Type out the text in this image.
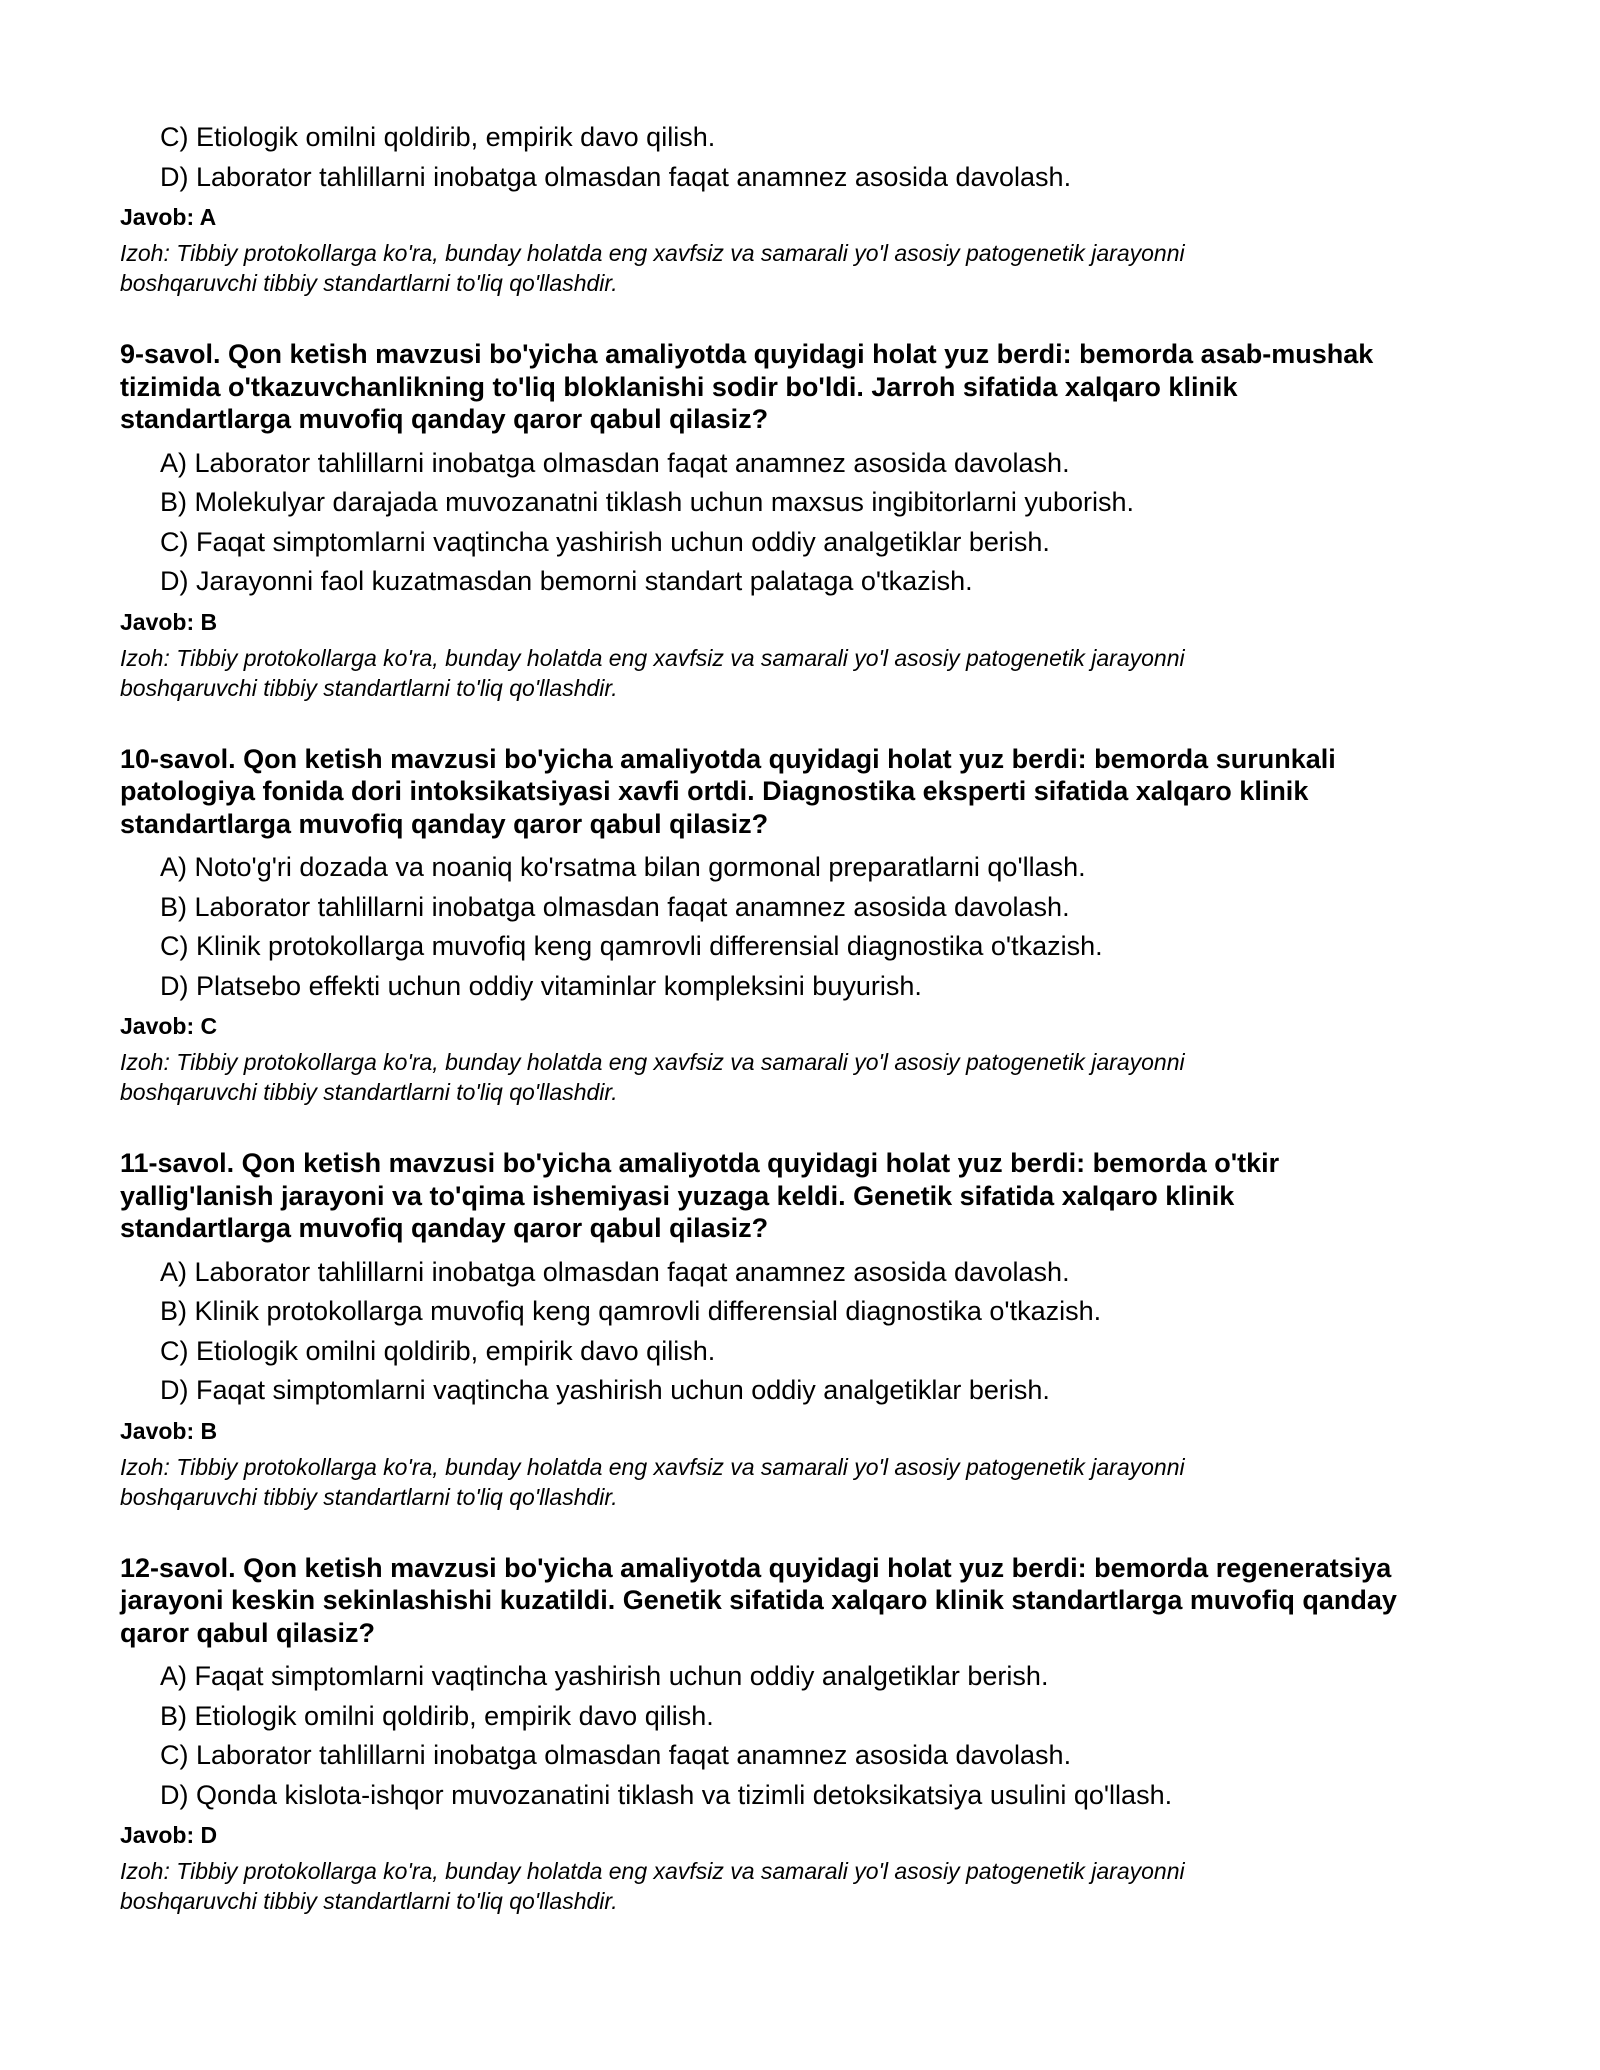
C) Etiologik omilni qoldirib, empirik davo qilish.
D) Laborator tahlillarni inobatga olmasdan faqat anamnez asosida davolash.
Javob: A
Izoh: Tibbiy protokollarga ko'ra, bunday holatda eng xavfsiz va samarali yo'l asosiy patogenetik jarayonni
boshqaruvchi tibbiy standartlarni to'liq qo'llashdir.
9-savol. Qon ketish mavzusi bo'yicha amaliyotda quyidagi holat yuz berdi: bemorda asab-mushak
tizimida o'tkazuvchanlikning to'liq bloklanishi sodir bo'ldi. Jarroh sifatida xalqaro klinik
standartlarga muvofiq qanday qaror qabul qilasiz?
A) Laborator tahlillarni inobatga olmasdan faqat anamnez asosida davolash.
B) Molekulyar darajada muvozanatni tiklash uchun maxsus ingibitorlarni yuborish.
C) Faqat simptomlarni vaqtincha yashirish uchun oddiy analgetiklar berish.
D) Jarayonni faol kuzatmasdan bemorni standart palataga o'tkazish.
Javob: B
Izoh: Tibbiy protokollarga ko'ra, bunday holatda eng xavfsiz va samarali yo'l asosiy patogenetik jarayonni
boshqaruvchi tibbiy standartlarni to'liq qo'llashdir.
10-savol. Qon ketish mavzusi bo'yicha amaliyotda quyidagi holat yuz berdi: bemorda surunkali
patologiya fonida dori intoksikatsiyasi xavfi ortdi. Diagnostika eksperti sifatida xalqaro klinik
standartlarga muvofiq qanday qaror qabul qilasiz?
A) Noto'g'ri dozada va noaniq ko'rsatma bilan gormonal preparatlarni qo'llash.
B) Laborator tahlillarni inobatga olmasdan faqat anamnez asosida davolash.
C) Klinik protokollarga muvofiq keng qamrovli differensial diagnostika o'tkazish.
D) Platsebo effekti uchun oddiy vitaminlar kompleksini buyurish.
Javob: C
Izoh: Tibbiy protokollarga ko'ra, bunday holatda eng xavfsiz va samarali yo'l asosiy patogenetik jarayonni
boshqaruvchi tibbiy standartlarni to'liq qo'llashdir.
11-savol. Qon ketish mavzusi bo'yicha amaliyotda quyidagi holat yuz berdi: bemorda o'tkir
yallig'lanish jarayoni va to'qima ishemiyasi yuzaga keldi. Genetik sifatida xalqaro klinik
standartlarga muvofiq qanday qaror qabul qilasiz?
A) Laborator tahlillarni inobatga olmasdan faqat anamnez asosida davolash.
B) Klinik protokollarga muvofiq keng qamrovli differensial diagnostika o'tkazish.
C) Etiologik omilni qoldirib, empirik davo qilish.
D) Faqat simptomlarni vaqtincha yashirish uchun oddiy analgetiklar berish.
Javob: B
Izoh: Tibbiy protokollarga ko'ra, bunday holatda eng xavfsiz va samarali yo'l asosiy patogenetik jarayonni
boshqaruvchi tibbiy standartlarni to'liq qo'llashdir.
12-savol. Qon ketish mavzusi bo'yicha amaliyotda quyidagi holat yuz berdi: bemorda regeneratsiya
jarayoni keskin sekinlashishi kuzatildi. Genetik sifatida xalqaro klinik standartlarga muvofiq qanday
qaror qabul qilasiz?
A) Faqat simptomlarni vaqtincha yashirish uchun oddiy analgetiklar berish.
B) Etiologik omilni qoldirib, empirik davo qilish.
C) Laborator tahlillarni inobatga olmasdan faqat anamnez asosida davolash.
D) Qonda kislota-ishqor muvozanatini tiklash va tizimli detoksikatsiya usulini qo'llash.
Javob: D
Izoh: Tibbiy protokollarga ko'ra, bunday holatda eng xavfsiz va samarali yo'l asosiy patogenetik jarayonni
boshqaruvchi tibbiy standartlarni to'liq qo'llashdir.
